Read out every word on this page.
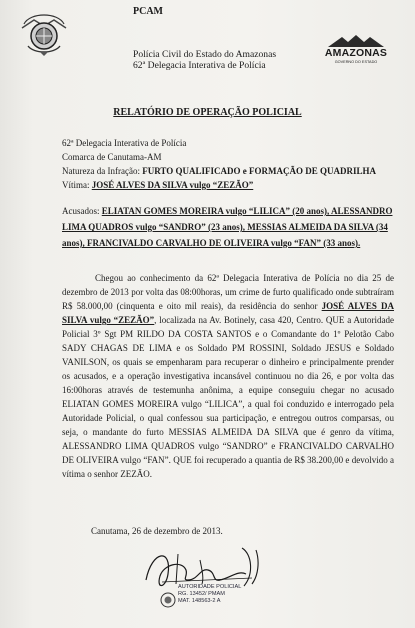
PCAM
Polícia Civil do Estado do Amazonas
62ª Delegacia Interativa de Polícia
AMAZONAS
GOVERNO DO ESTADO
RELATÓRIO DE OPERAÇÃO POLICIAL
62ª Delegacia Interativa de Polícia
Comarca de Canutama-AM
Natureza da Infração: FURTO QUALIFICADO e FORMAÇÃO DE QUADRILHA
Vítima: JOSÉ ALVES DA SILVA vulgo “ZEZÃO”
Acusados: ELIATAN GOMES MOREIRA vulgo “LILICA” (20 anos), ALESSANDRO
LIMA QUADROS vulgo “SANDRO” (23 anos), MESSIAS ALMEIDA DA SILVA (34
anos), FRANCIVALDO CARVALHO DE OLIVEIRA vulgo “FAN” (33 anos).

Chegou ao conhecimento da 62ª Delegacia Interativa de Polícia no dia 25 de dezembro de 2013 por volta das 08:00horas, um crime de furto qualificado onde subtraíram R$ 58.000,00 (cinquenta e oito mil reais), da residência do senhor JOSÉ ALVES DA SILVA vulgo “ZEZÃO”, localizada na Av. Botinely, casa 420, Centro. QUE a Autoridade Policial 3º Sgt PM RILDO DA COSTA SANTOS e o Comandante do 1º Pelotão Cabo SADY CHAGAS DE LIMA e os Soldado PM ROSSINI, Soldado JESUS e Soldado VANILSON, os quais se empenharam para recuperar o dinheiro e principalmente prender os acusados, e a operação investigativa incansável continuou no dia 26, e por volta das 16:00horas através de testemunha anônima, a equipe conseguiu chegar no acusado ELIATAN GOMES MOREIRA vulgo “LILICA”, a qual foi conduzido e interrogado pela Autoridade Policial, o qual confessou sua participação, e entregou outros comparsas, ou seja, o mandante do furto MESSIAS ALMEIDA DA SILVA que é genro da vítima, ALESSANDRO LIMA QUADROS vulgo “SANDRO” e FRANCIVALDO CARVALHO DE OLIVEIRA vulgo “FAN”. QUE foi recuperado a quantia de R$ 38.200,00 e devolvido a vítima o senhor ZEZÃO.

Canutama, 26 de dezembro de 2013.
AUTORIDADE POLICIAL
RG. 13452/ PMAM
MAT. 148563-2 A
